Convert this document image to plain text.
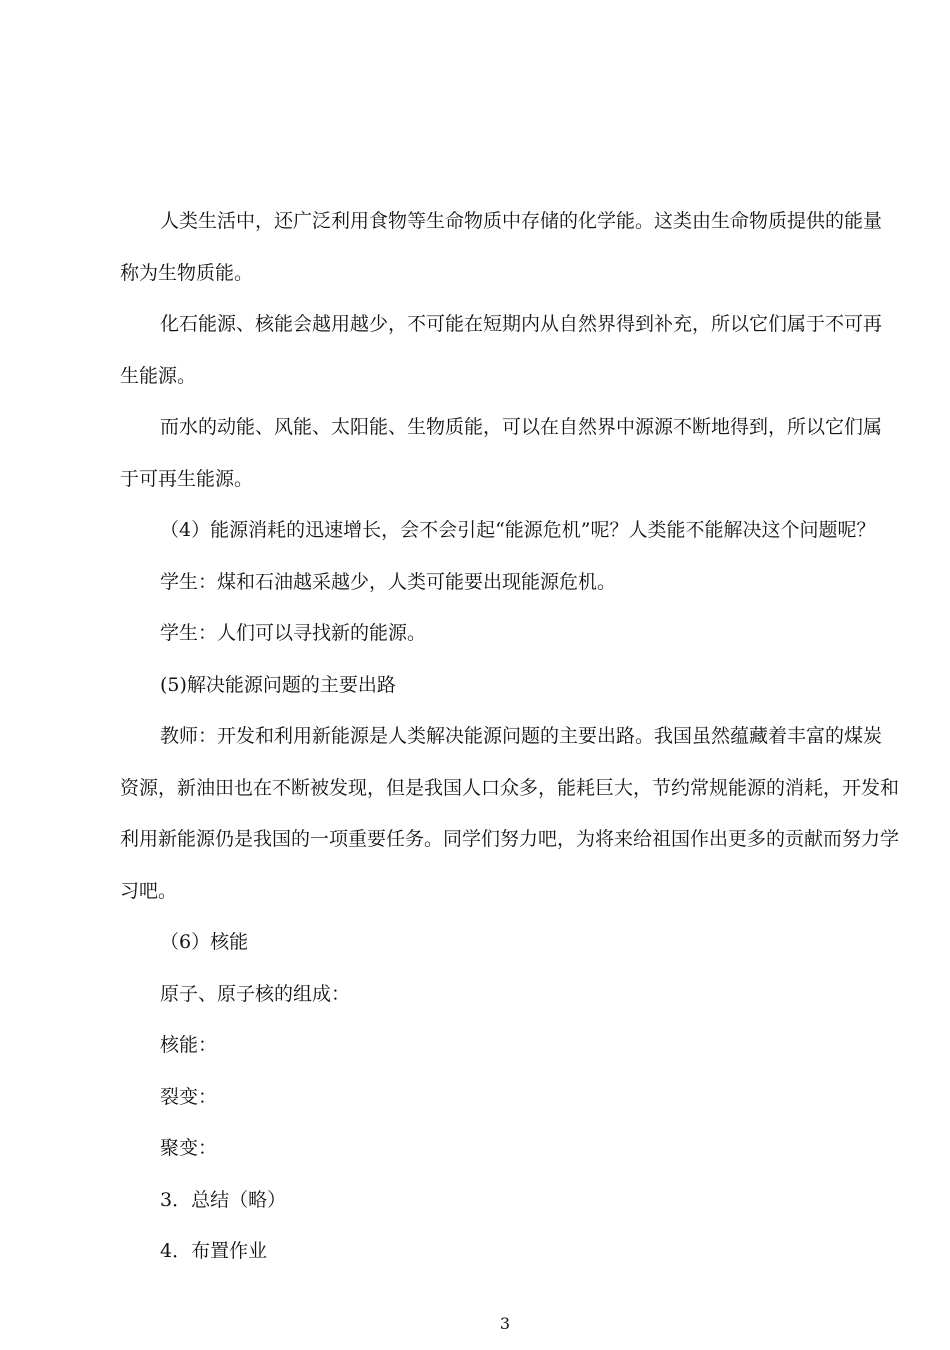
人类生活中，还广泛利用食物等生命物质中存储的化学能。这类由生命物质提供的能量称为生物质能。

化石能源、核能会越用越少，不可能在短期内从自然界得到补充，所以它们属于不可再生能源。

而水的动能、风能、太阳能、生物质能，可以在自然界中源源不断地得到，所以它们属于可再生能源。

（4）能源消耗的迅速增长，会不会引起“能源危机”呢？人类能不能解决这个问题呢？

学生：煤和石油越采越少，人类可能要出现能源危机。

学生：人们可以寻找新的能源。

(5)解决能源问题的主要出路

教师：开发和利用新能源是人类解决能源问题的主要出路。我国虽然蕴藏着丰富的煤炭资源，新油田也在不断被发现，但是我国人口众多，能耗巨大，节约常规能源的消耗，开发和利用新能源仍是我国的一项重要任务。同学们努力吧，为将来给祖国作出更多的贡献而努力学习吧。

（6）核能

原子、原子核的组成：

核能：

裂变：

聚变：

3．总结（略）

4．布置作业

3
